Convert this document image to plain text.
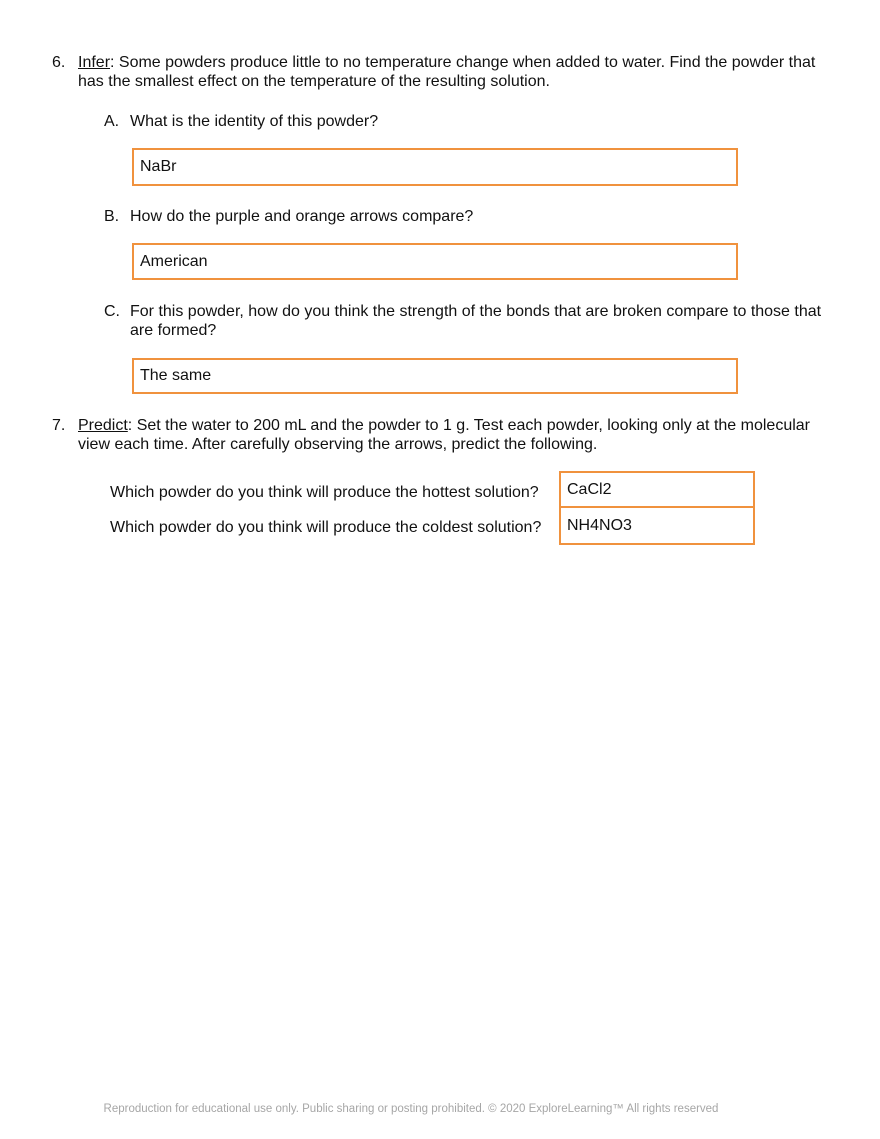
6. Infer: Some powders produce little to no temperature change when added to water. Find the powder that
has the smallest effect on the temperature of the resulting solution.
A. What is the identity of this powder?
NaBr
B. How do the purple and orange arrows compare?
American
C. For this powder, how do you think the strength of the bonds that are broken compare to those that
are formed?
The same
7. Predict: Set the water to 200 mL and the powder to 1 g. Test each powder, looking only at the molecular
view each time. After carefully observing the arrows, predict the following.
Which powder do you think will produce the hottest solution?
Which powder do you think will produce the coldest solution?
CaCl2
NH4NO3
Reproduction for educational use only. Public sharing or posting prohibited. © 2020 ExploreLearning™ All rights reserved
